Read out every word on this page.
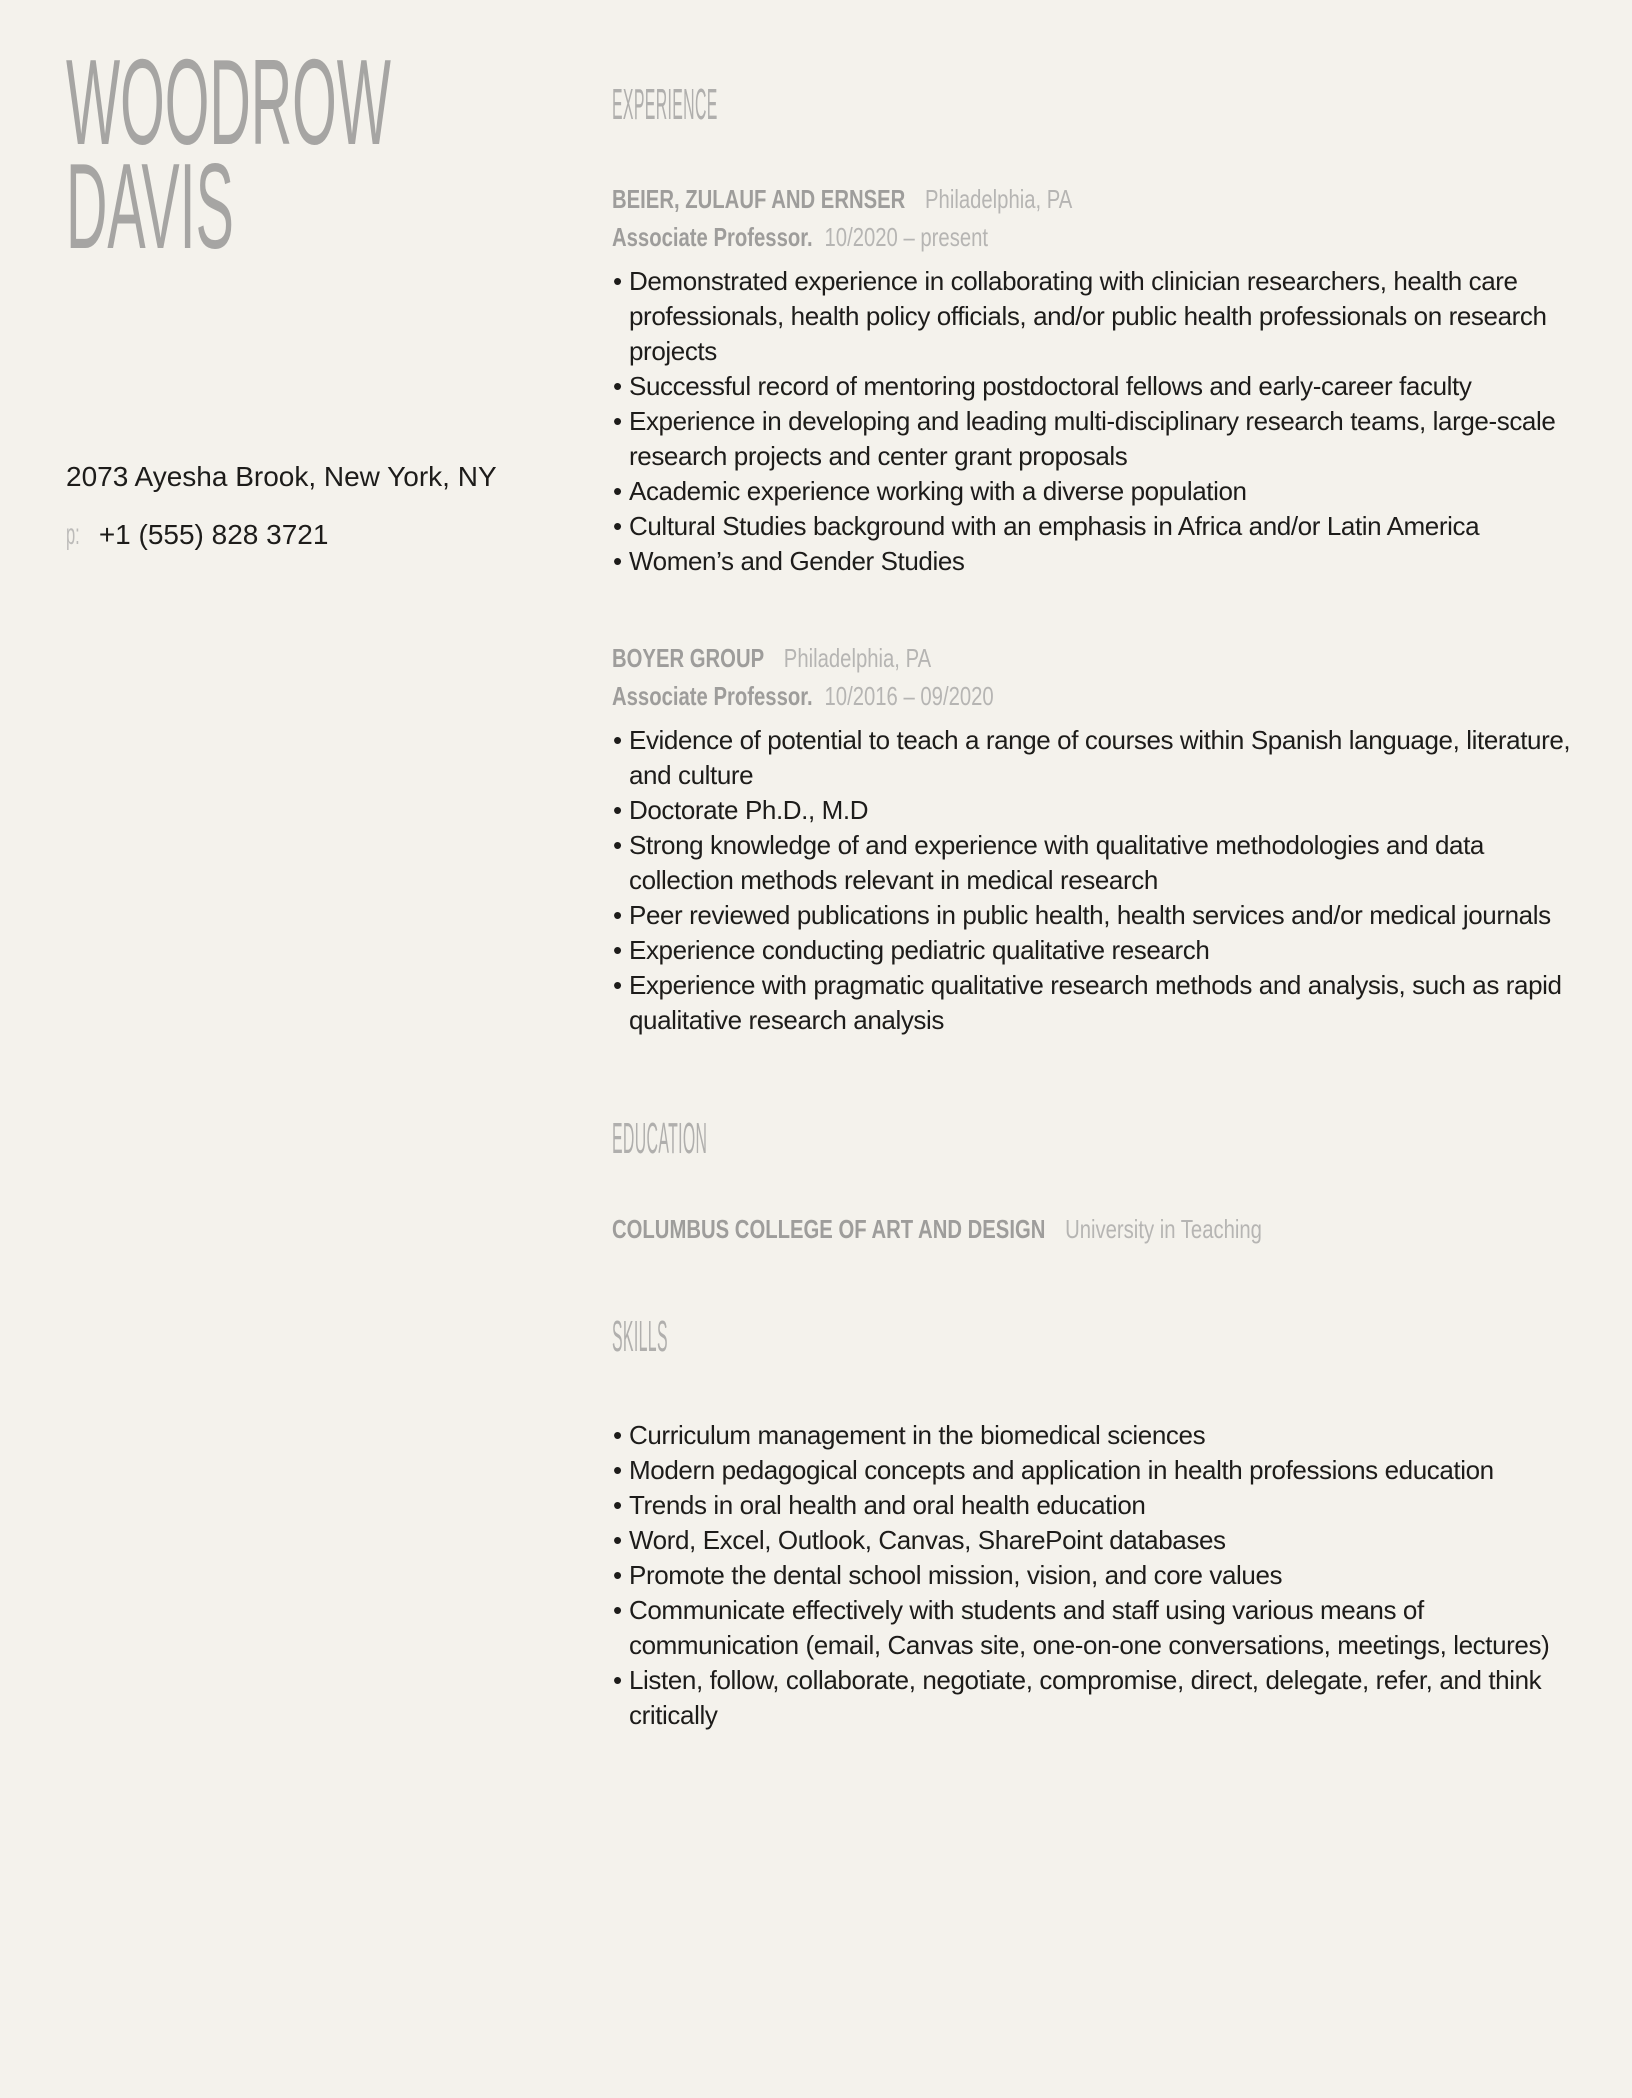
WOODROW
DAVIS
2073 Ayesha Brook, New York, NY
p: +1 (555) 828 3721
EXPERIENCE
BEIER, ZULAUF AND ERNSER Philadelphia, PA
Associate Professor. 10/2020 – present
• Demonstrated experience in collaborating with clinician researchers, health care professionals, health policy officials, and/or public health professionals on research projects
• Successful record of mentoring postdoctoral fellows and early-career faculty
• Experience in developing and leading multi-disciplinary research teams, large-scale research projects and center grant proposals
• Academic experience working with a diverse population
• Cultural Studies background with an emphasis in Africa and/or Latin America
• Women’s and Gender Studies
BOYER GROUP Philadelphia, PA
Associate Professor. 10/2016 – 09/2020
• Evidence of potential to teach a range of courses within Spanish language, literature, and culture
• Doctorate Ph.D., M.D
• Strong knowledge of and experience with qualitative methodologies and data collection methods relevant in medical research
• Peer reviewed publications in public health, health services and/or medical journals
• Experience conducting pediatric qualitative research
• Experience with pragmatic qualitative research methods and analysis, such as rapid qualitative research analysis
EDUCATION
COLUMBUS COLLEGE OF ART AND DESIGN University in Teaching
SKILLS
• Curriculum management in the biomedical sciences
• Modern pedagogical concepts and application in health professions education
• Trends in oral health and oral health education
• Word, Excel, Outlook, Canvas, SharePoint databases
• Promote the dental school mission, vision, and core values
• Communicate effectively with students and staff using various means of communication (email, Canvas site, one-on-one conversations, meetings, lectures)
• Listen, follow, collaborate, negotiate, compromise, direct, delegate, refer, and think critically
